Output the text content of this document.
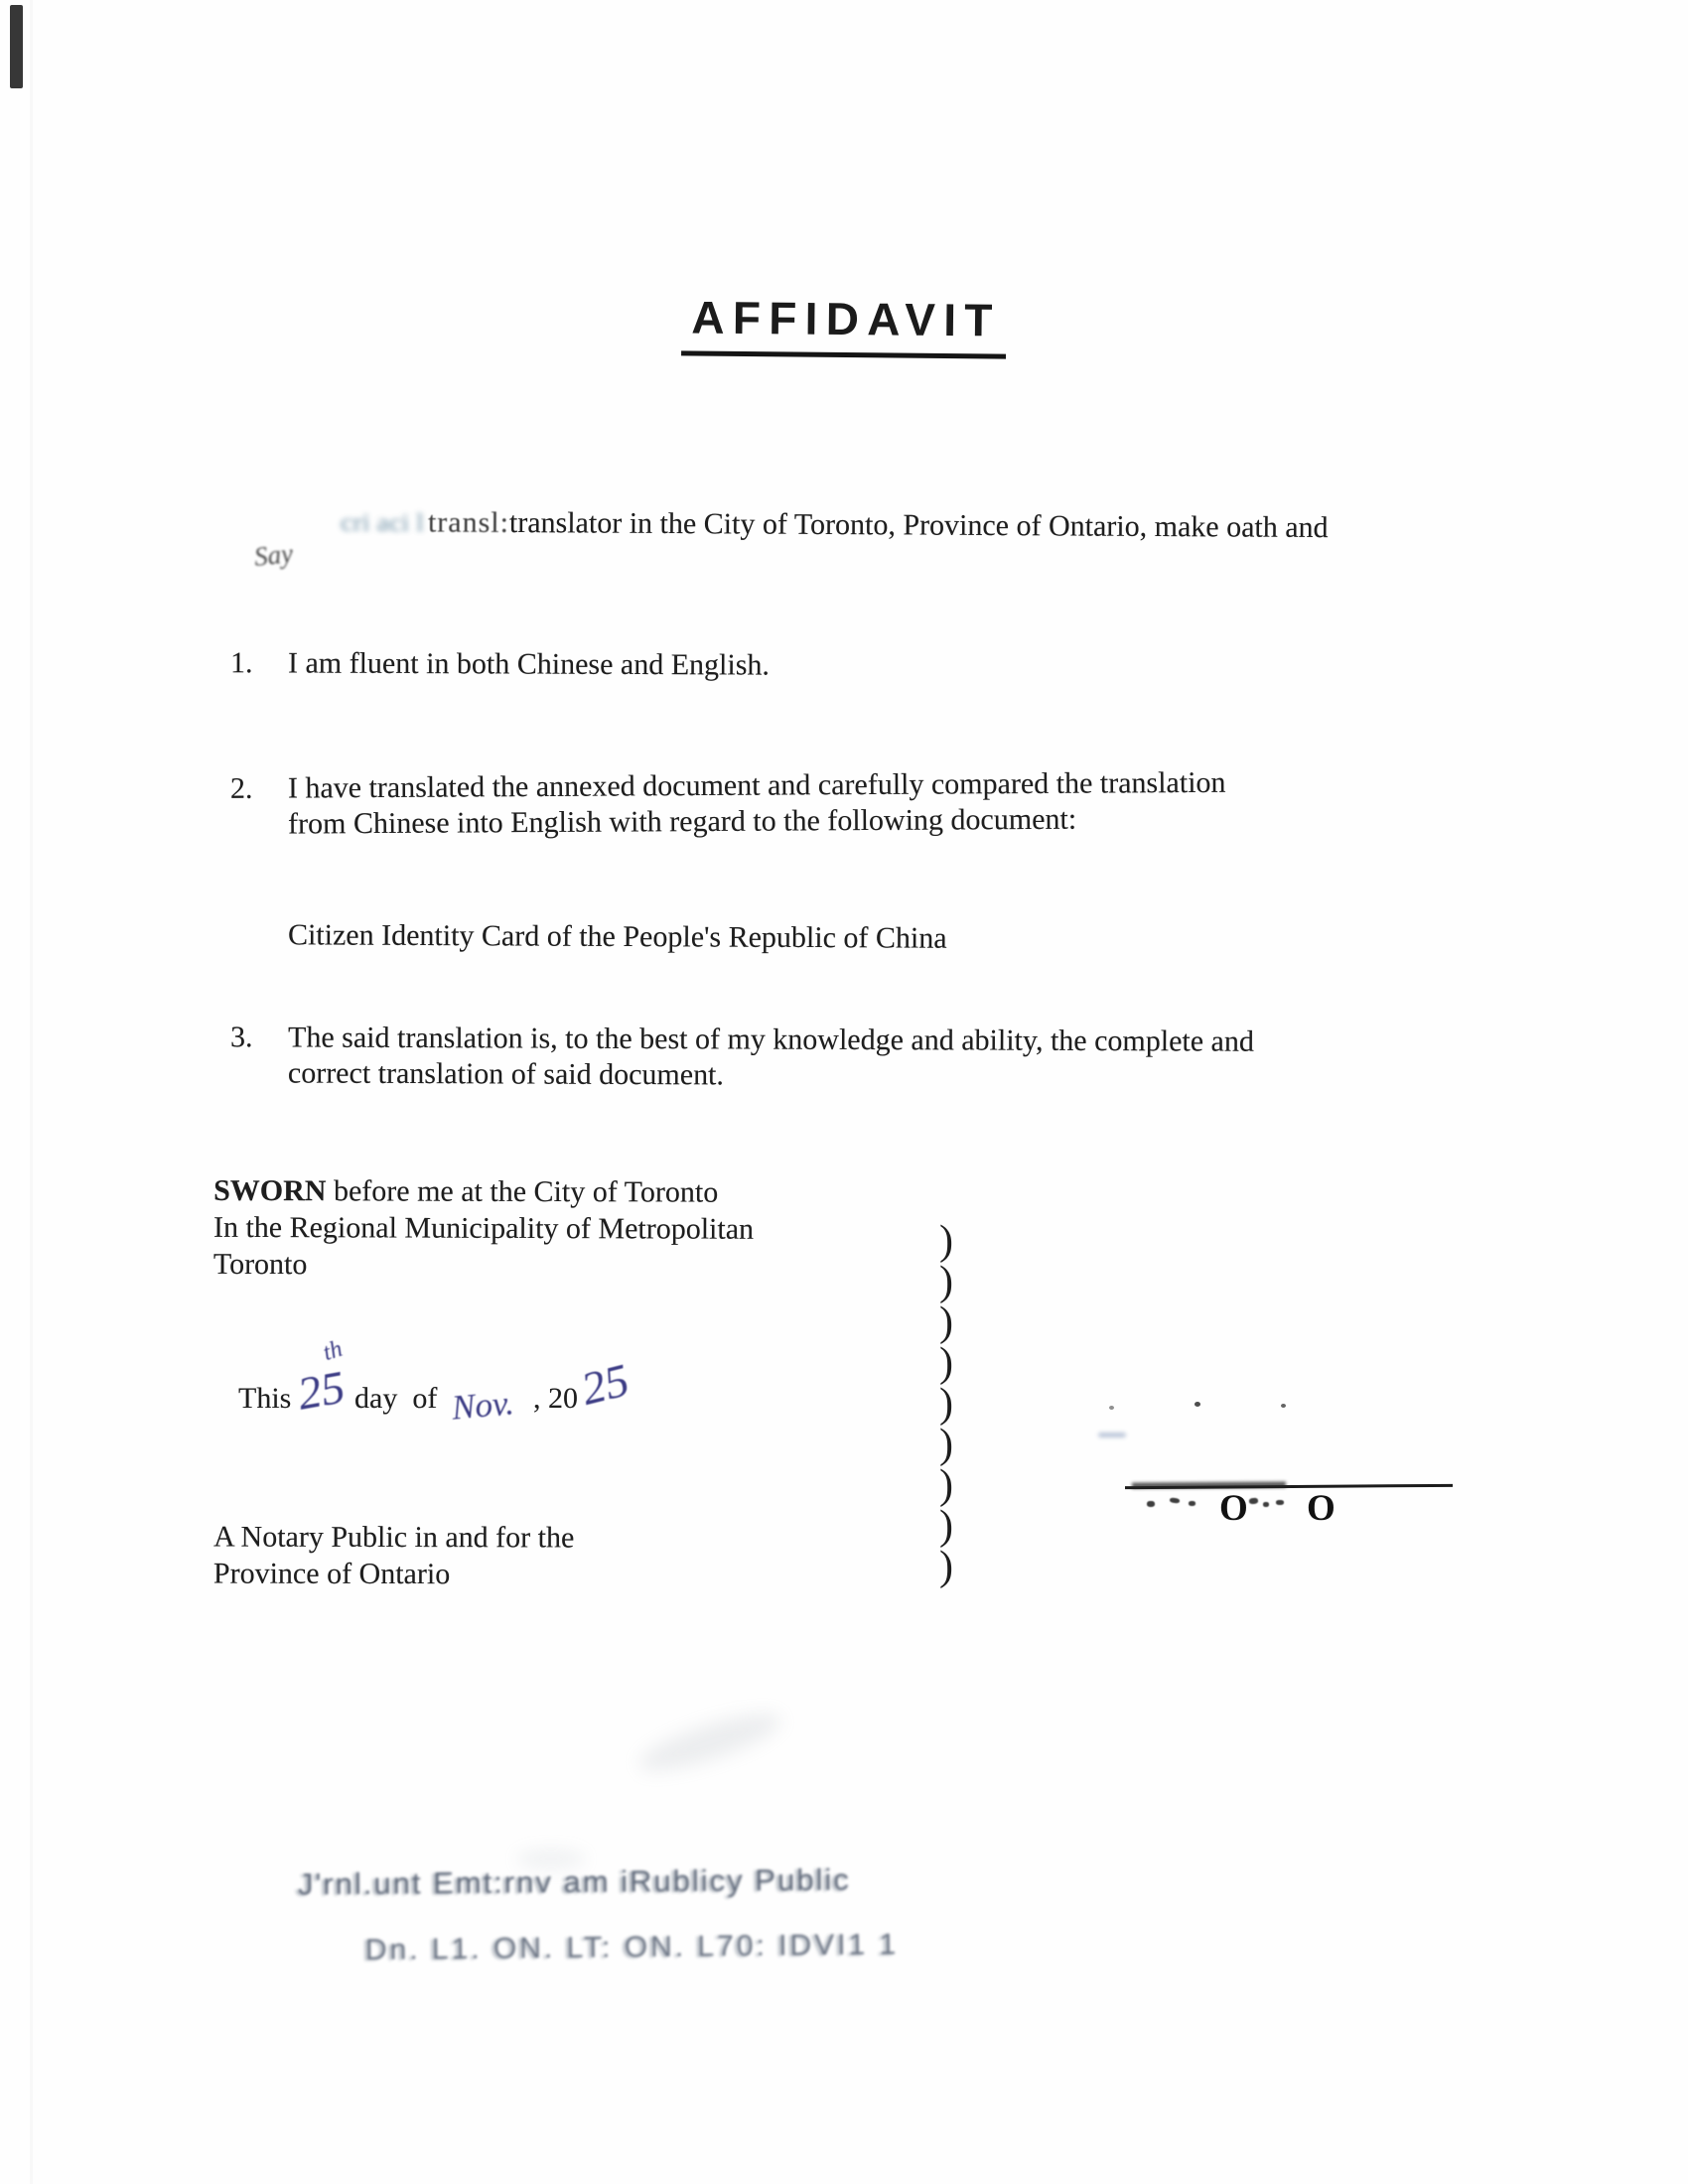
AFFIDAVIT
cri aci l transl:translator in the City of Toronto, Province of Ontario, make oath and
Say
1. I am fluent in both Chinese and English.
2. I have translated the annexed document and carefully compared the translation
from Chinese into English with regard to the following document:
Citizen Identity Card of the People's Republic of China
3. The said translation is, to the best of my knowledge and ability, the complete and
correct translation of said document.
SWORN before me at the City of Toronto
In the Regional Municipality of Metropolitan
Toronto
)
)
)
)
)
)
)
)
)
This 25
th
day  of Nov. , 20
25
A Notary Public in and for the
Province of Ontario
O O
J'rnl.unt Emt:rnv am iRublicy Public
Dn. L1. ON. LT: ON. L70: IDVI1 1
